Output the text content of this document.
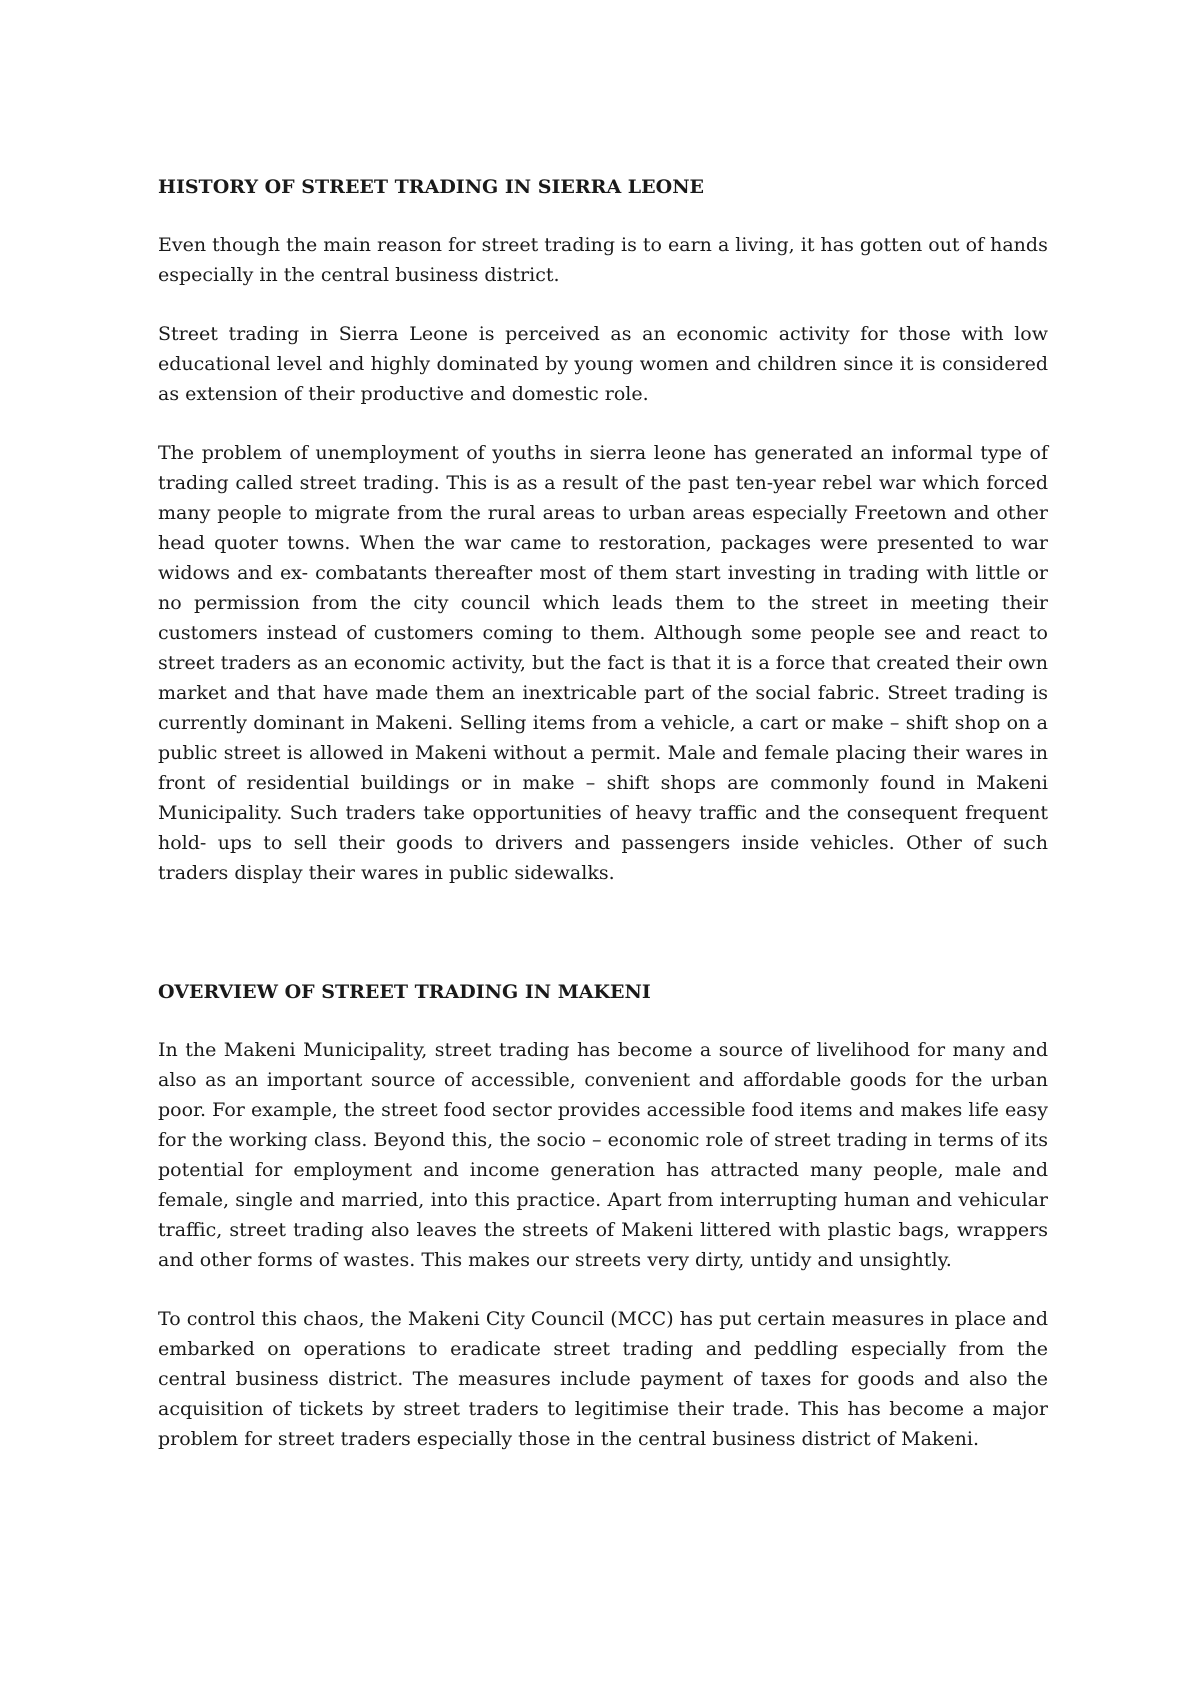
HISTORY OF STREET TRADING IN SIERRA LEONE

Even though the main reason for street trading is to earn a living, it has gotten out of hands especially in the central business district.

Street trading in Sierra Leone is perceived as an economic activity for those with low educational level and highly dominated by young women and children since it is considered as extension of their productive and domestic role.

The problem of unemployment of youths in sierra leone has generated an informal type of trading called street trading. This is as a result of the past ten-year rebel war which forced many people to migrate from the rural areas to urban areas especially Freetown and other head quoter towns. When the war came to restoration, packages were presented to war widows and ex- combatants thereafter most of them start investing in trading with little or no permission from the city council which leads them to the street in meeting their customers instead of customers coming to them. Although some people see and react to street traders as an economic activity, but the fact is that it is a force that created their own market and that have made them an inextricable part of the social fabric. Street trading is currently dominant in Makeni. Selling items from a vehicle, a cart or make – shift shop on a public street is allowed in Makeni without a permit. Male and female placing their wares in front of residential buildings or in make – shift shops are commonly found in Makeni Municipality. Such traders take opportunities of heavy traffic and the consequent frequent hold- ups to sell their goods to drivers and passengers inside vehicles. Other of such traders display their wares in public sidewalks.

OVERVIEW OF STREET TRADING IN MAKENI

In the Makeni Municipality, street trading has become a source of livelihood for many and also as an important source of accessible, convenient and affordable goods for the urban poor. For example, the street food sector provides accessible food items and makes life easy for the working class. Beyond this, the socio – economic role of street trading in terms of its potential for employment and income generation has attracted many people, male and female, single and married, into this practice. Apart from interrupting human and vehicular traffic, street trading also leaves the streets of Makeni littered with plastic bags, wrappers and other forms of wastes. This makes our streets very dirty, untidy and unsightly.

To control this chaos, the Makeni City Council (MCC) has put certain measures in place and embarked on operations to eradicate street trading and peddling especially from the central business district. The measures include payment of taxes for goods and also the acquisition of tickets by street traders to legitimise their trade. This has become a major problem for street traders especially those in the central business district of Makeni.
